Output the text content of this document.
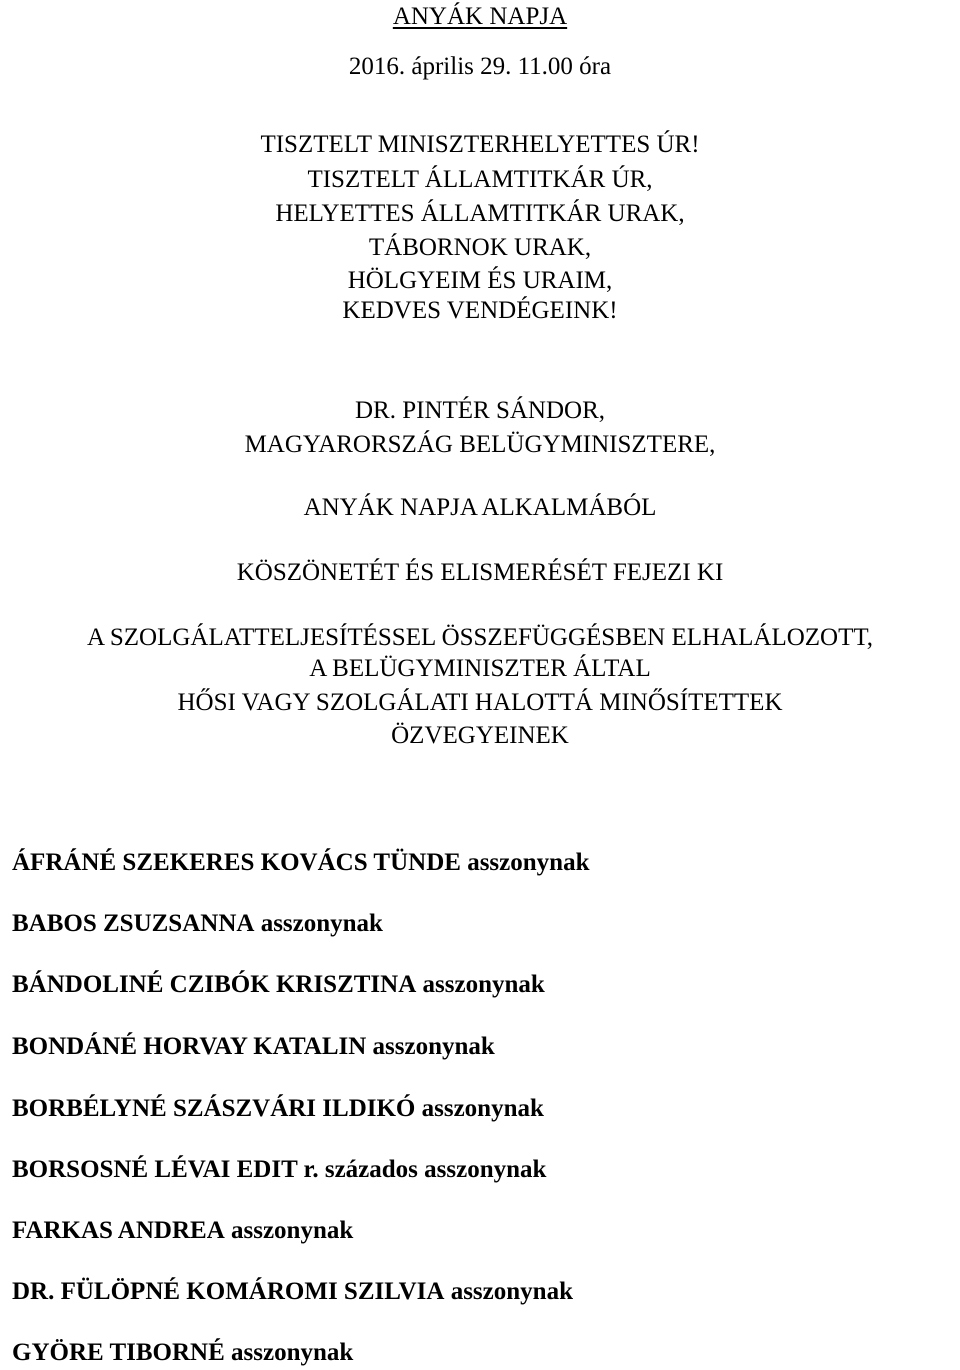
ANYÁK NAPJA
2016. április 29. 11.00 óra
TISZTELT MINISZTERHELYETTES ÚR!
TISZTELT ÁLLAMTITKÁR ÚR,
HELYETTES ÁLLAMTITKÁR URAK,
TÁBORNOK URAK,
HÖLGYEIM ÉS URAIM,
KEDVES VENDÉGEINK!
DR. PINTÉR SÁNDOR,
MAGYARORSZÁG BELÜGYMINISZTERE,
ANYÁK NAPJA ALKALMÁBÓL
KÖSZÖNETÉT ÉS ELISMERÉSÉT FEJEZI KI
A SZOLGÁLATTELJESÍTÉSSEL ÖSSZEFÜGGÉSBEN ELHALÁLOZOTT,
A BELÜGYMINISZTER ÁLTAL
HŐSI VAGY SZOLGÁLATI HALOTTÁ MINŐSÍTETTEK
ÖZVEGYEINEK
ÁFRÁNÉ SZEKERES KOVÁCS TÜNDE asszonynak
BABOS ZSUZSANNA asszonynak
BÁNDOLINÉ CZIBÓK KRISZTINA asszonynak
BONDÁNÉ HORVAY KATALIN asszonynak
BORBÉLYNÉ SZÁSZVÁRI ILDIKÓ asszonynak
BORSOSNÉ LÉVAI EDIT r. százados asszonynak
FARKAS ANDREA asszonynak
DR. FÜLÖPNÉ KOMÁROMI SZILVIA asszonynak
GYÖRE TIBORNÉ asszonynak
